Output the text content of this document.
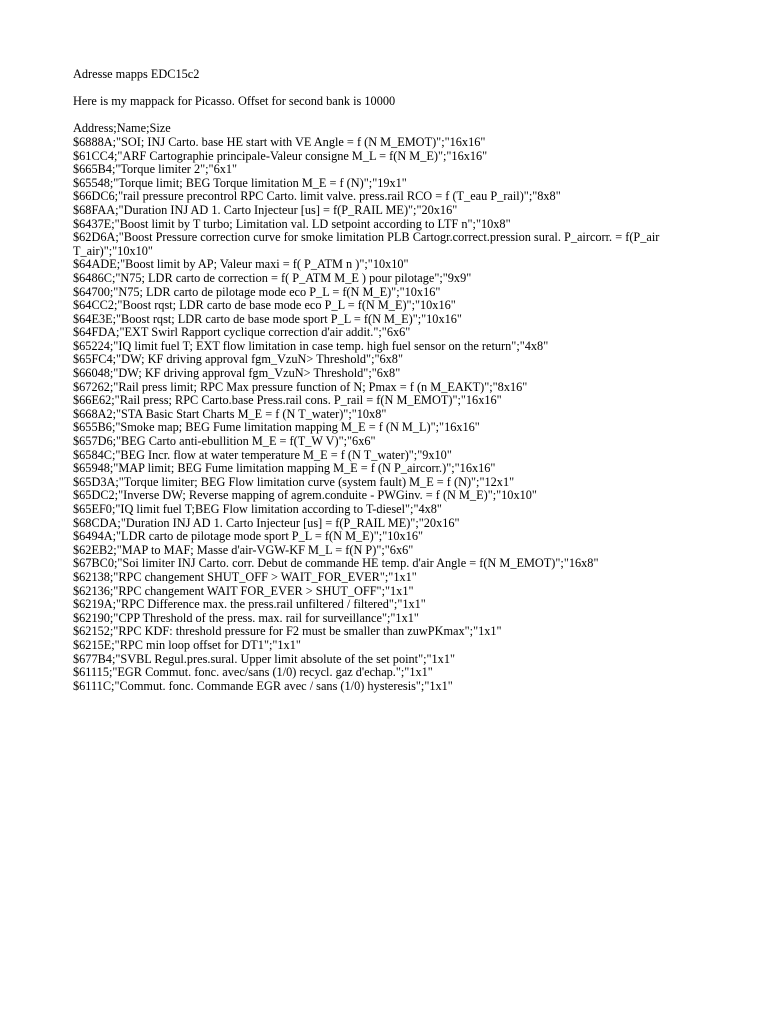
Adresse mapps EDC15c2

Here is my mappack for Picasso. Offset for second bank is 10000

Address;Name;Size

$6888A;"SOI; INJ Carto. base HE start with VE Angle = f (N M_EMOT)";"16x16"
$61CC4;"ARF Cartographie principale-Valeur consigne M_L = f(N M_E)";"16x16"
$665B4;"Torque limiter 2";"6x1"
$65548;"Torque limit; BEG Torque limitation M_E = f (N)";"19x1"
$66DC6;"rail pressure precontrol RPC Carto. limit valve. press.rail RCO = f (T_eau P_rail)";"8x8"
$68FAA;"Duration INJ AD 1. Carto Injecteur [us] = f(P_RAIL ME)";"20x16"
$6437E;"Boost limit by T turbo; Limitation val. LD setpoint according to LTF n";"10x8"
$62D6A;"Boost Pressure correction curve for smoke limitation PLB Cartogr.correct.pression sural. P_aircorr. = f(P_air T_air)";"10x10"
$64ADE;"Boost limit by AP; Valeur maxi = f( P_ATM n )";"10x10"
$6486C;"N75; LDR carto de correction = f( P_ATM M_E ) pour pilotage";"9x9"
$64700;"N75; LDR carto de pilotage mode eco P_L = f(N M_E)";"10x16"
$64CC2;"Boost rqst; LDR carto de base mode eco P_L = f(N M_E)";"10x16"
$64E3E;"Boost rqst; LDR carto de base mode sport P_L = f(N M_E)";"10x16"
$64FDA;"EXT Swirl Rapport cyclique correction d'air addit.";"6x6"
$65224;"IQ limit fuel T; EXT flow limitation in case temp. high fuel sensor on the return";"4x8"
$65FC4;"DW; KF driving approval fgm_VzuN> Threshold";"6x8"
$66048;"DW; KF driving approval fgm_VzuN> Threshold";"6x8"
$67262;"Rail press limit; RPC Max pressure function of N; Pmax = f (n M_EAKT)";"8x16"
$66E62;"Rail press; RPC Carto.base Press.rail cons. P_rail = f(N M_EMOT)";"16x16"
$668A2;"STA Basic Start Charts M_E = f (N T_water)";"10x8"
$655B6;"Smoke map; BEG Fume limitation mapping M_E = f (N M_L)";"16x16"
$657D6;"BEG Carto anti-ebullition M_E = f(T_W V)";"6x6"
$6584C;"BEG Incr. flow at water temperature M_E = f (N T_water)";"9x10"
$65948;"MAP limit; BEG Fume limitation mapping M_E = f (N P_aircorr.)";"16x16"
$65D3A;"Torque limiter; BEG Flow limitation curve (system fault) M_E = f (N)";"12x1"
$65DC2;"Inverse DW; Reverse mapping of agrem.conduite - PWGinv. = f (N M_E)";"10x10"
$65EF0;"IQ limit fuel T;BEG Flow limitation according to T-diesel";"4x8"
$68CDA;"Duration INJ AD 1. Carto Injecteur [us] = f(P_RAIL ME)";"20x16"
$6494A;"LDR carto de pilotage mode sport P_L = f(N M_E)";"10x16"
$62EB2;"MAP to MAF; Masse d'air-VGW-KF M_L = f(N P)";"6x6"
$67BC0;"Soi limiter INJ Carto. corr. Debut de commande HE temp. d'air Angle = f(N M_EMOT)";"16x8"
$62138;"RPC changement SHUT_OFF > WAIT_FOR_EVER";"1x1"
$62136;"RPC changement WAIT FOR_EVER > SHUT_OFF";"1x1"
$6219A;"RPC Difference max. the press.rail unfiltered / filtered";"1x1"
$62190;"CPP Threshold of the press. max. rail for surveillance";"1x1"
$62152;"RPC KDF: threshold pressure for F2 must be smaller than zuwPKmax";"1x1"
$6215E;"RPC min loop offset for DT1";"1x1"
$677B4;"SVBL Regul.pres.sural. Upper limit absolute of the set point";"1x1"
$61115;"EGR Commut. fonc. avec/sans (1/0) recycl. gaz d'echap.";"1x1"
$6111C;"Commut. fonc. Commande EGR avec / sans (1/0) hysteresis";"1x1"
